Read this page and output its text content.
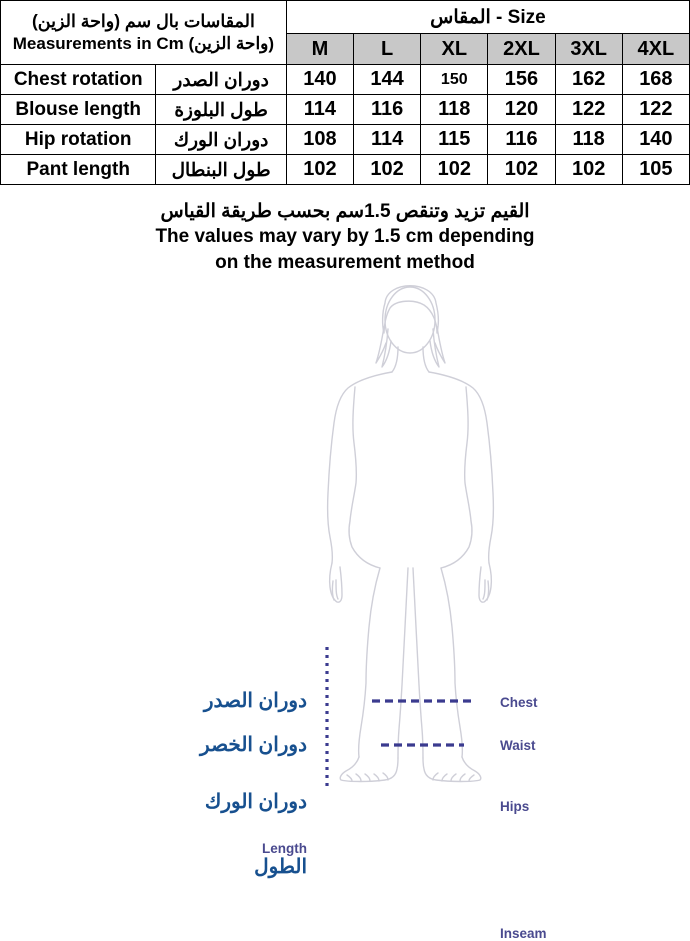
المقاسات بال سم (واحة الزين)
Measurements in Cm (واحة الزين)		المقاس - Size					
		M	L	XL	2XL	3XL	4XL
Chest rotation	دوران الصدر	140	144	150	156	162	168
Blouse length	طول البلوزة	114	116	118	120	122	122
Hip rotation	دوران الورك	108	114	115	116	118	140
Pant length	طول البنطال	102	102	102	102	102	105
القيم تزيد وتنقص 1.5سم بحسب طريقة القياس
The values may vary by 1.5 cm depending
on the measurement method
دوران الصدر
دوران الخصر
دوران الورك
Length
الطول
Chest
Waist
Hips
Inseam
